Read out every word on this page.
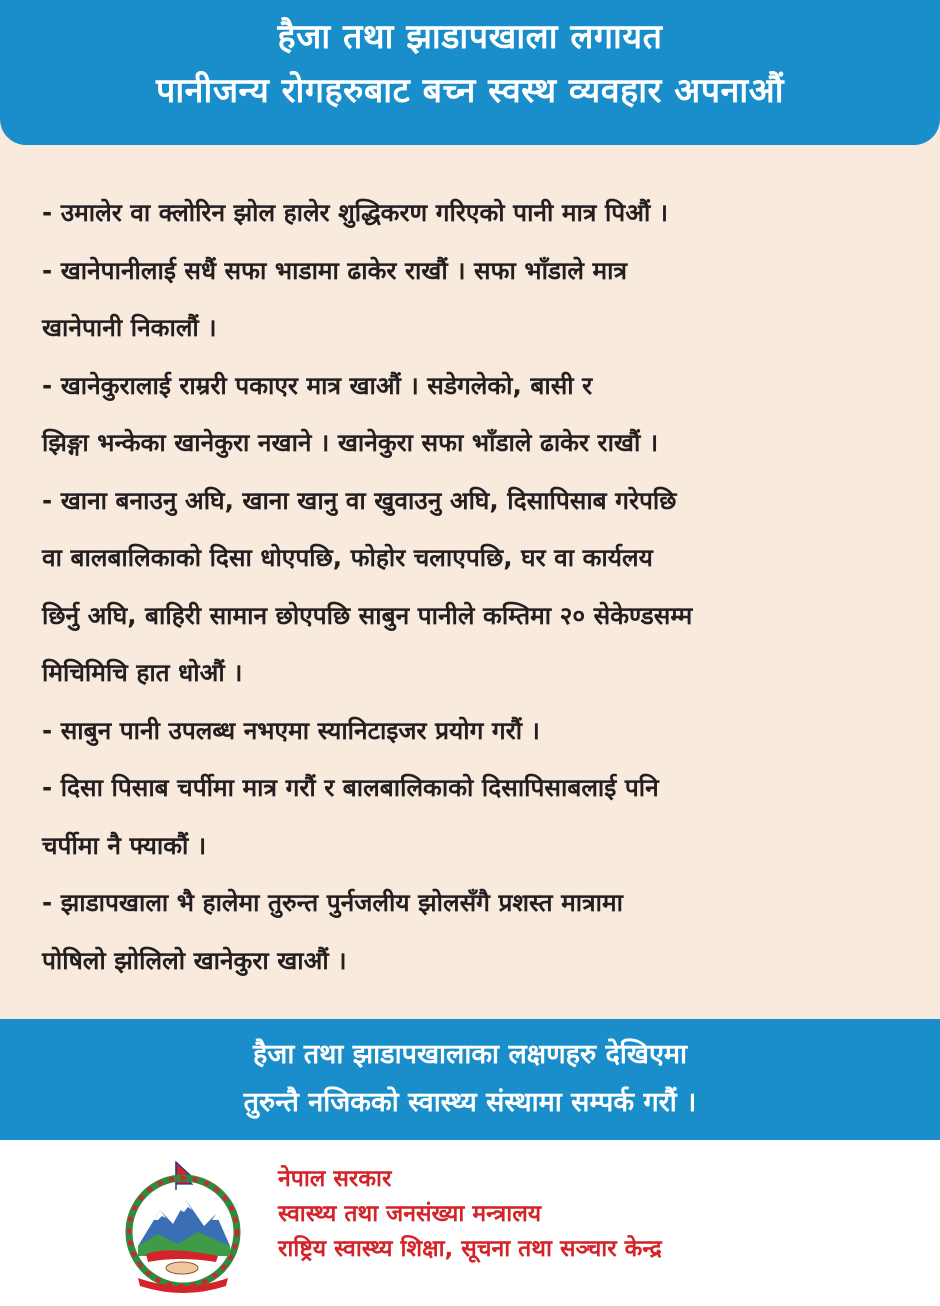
हैजा तथा झाडापखाला लगायत
पानीजन्य रोगहरुबाट बच्न स्वस्थ व्यवहार अपनाऔं

- उमालेर वा क्लोरिन झोल हालेर शुद्धिकरण गरिएको पानी मात्र पिऔं ।

- खानेपानीलाई सधैं सफा भाडामा ढाकेर राखौं । सफा भाँडाले मात्र

खानेपानी निकालौं ।

- खानेकुरालाई राम्ररी पकाएर मात्र खाऔं । सडेगलेको, बासी र

झिङ्गा भन्केका खानेकुरा नखाने । खानेकुरा सफा भाँडाले ढाकेर राखौं ।

- खाना बनाउनु अघि, खाना खानु वा खुवाउनु अघि, दिसापिसाब गरेपछि

वा बालबालिकाको दिसा धोएपछि, फोहोर चलाएपछि, घर वा कार्यलय

छिर्नु अघि, बाहिरी सामान छोएपछि साबुन पानीले कम्तिमा २० सेकेण्डसम्म

मिचिमिचि हात धोऔं ।

- साबुन पानी उपलब्ध नभएमा स्यानिटाइजर प्रयोग गरौं ।

- दिसा पिसाब चर्पीमा मात्र गरौं र बालबालिकाको दिसापिसाबलाई पनि

चर्पीमा नै फ्याकौं ।

- झाडापखाला भै हालेमा तुरुन्त पुर्नजलीय झोलसँगै प्रशस्त मात्रामा

पोषिलो झोलिलो खानेकुरा खाऔं ।

हैजा तथा झाडापखालाका लक्षणहरु देखिएमा
तुरुन्तै नजिकको स्वास्थ्य संस्थामा सम्पर्क गरौं ।
नेपाल सरकार
स्वास्थ्य तथा जनसंख्या मन्त्रालय
राष्ट्रिय स्वास्थ्य शिक्षा, सूचना तथा सञ्चार केन्द्र
